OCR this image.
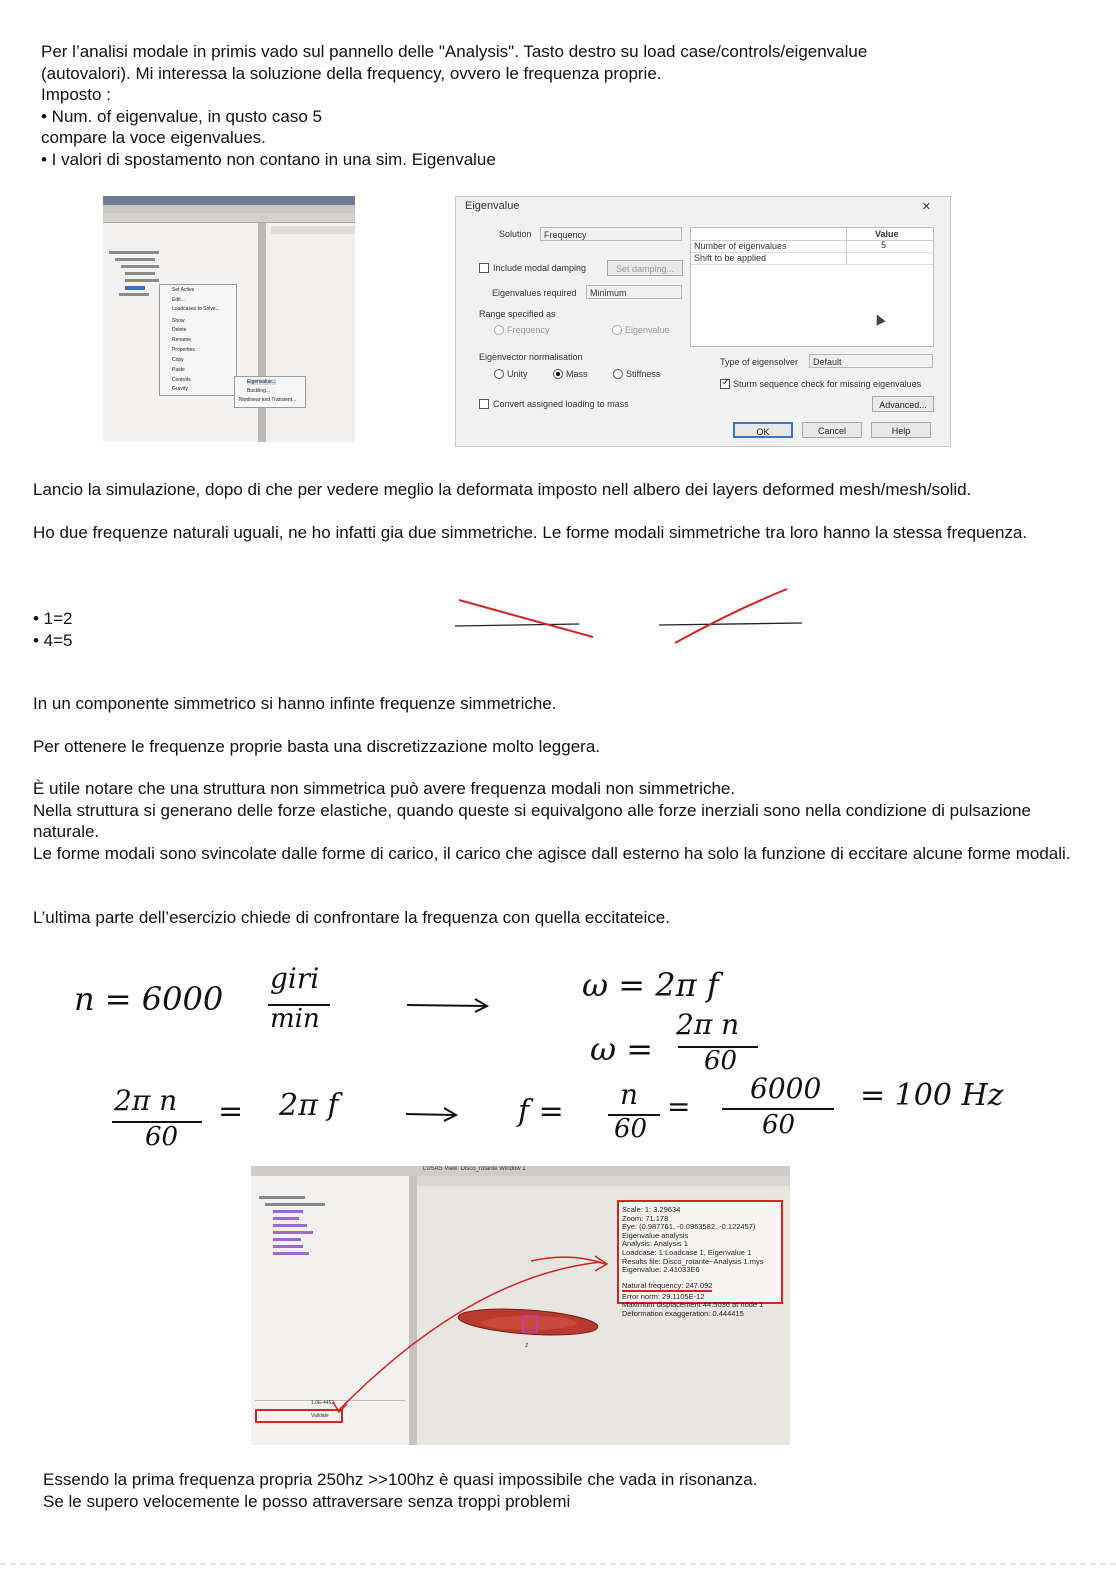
Per l’analisi modale in primis vado sul pannello delle "Analysis". Tasto destro su load case/controls/eigenvalue
(autovalori). Mi interessa la soluzione della frequency, ovvero le frequenza proprie.
Imposto :
• Num. of eigenvalue, in qusto caso 5
compare la voce eigenvalues.
• I valori di spostamento non contano in una sim. Eigenvalue
Set Active
Edit...
Loadcases to Solve...
Show
Delete
Rename
Properties
Copy
Paste
Controls
Gravity
Eigenvalue...
Buckling...
Nonlinear and Transient...
Eigenvalue	×
Solution	Frequency
Include modal damping	Set damping...
Eigenvalues required	Minimum
Range specified as
Frequency	Eigenvalue
Eigenvector normalisation
Unity	Mass	Stiffness
Convert assigned loading to mass
Value
Number of eigenvalues	5
Shift to be applied
Type of eigensolver	Default
✓ Sturm sequence check for missing eigenvalues
Advanced...
OK	Cancel	Help
Lancio la simulazione, dopo di che per vedere meglio la deformata imposto nell albero dei layers deformed mesh/mesh/solid.
Ho due frequenze naturali uguali, ne ho infatti gia due simmetriche. Le forme modali simmetriche tra loro hanno la stessa frequenza.
• 1=2
• 4=5
In un componente simmetrico si hanno infinte frequenze simmetriche.
Per ottenere le frequenze proprie basta una discretizzazione molto leggera.
È utile notare che una struttura non simmetrica può avere frequenza modali non simmetriche.
Nella struttura si generano delle forze elastiche, quando queste si equivalgono alle forze inerziali sono nella condizione di pulsazione naturale.
Le forme modali sono svincolate dalle forme di carico, il carico che agisce dall esterno ha solo la funzione di eccitare alcune forme modali.
L’ultima parte dell’esercizio chiede di confrontare la frequenza con quella eccitateice.
n = 6000
giri
min
ω = 2π f
ω =
2π n
60
2π n
60
= 2π f	f = n
60
=
6000
60
= 100 Hz
LUSAS View: Disco_rotante Window 1
1.0E-4452
Validate
Scale: 1: 3.29634
Zoom: 71.178
Eye: (0.987761, -0.0963582, -0.122457)
Eigenvalue analysis
Analysis: Analysis 1
Loadcase: 1:Loadcase 1, Eigenvalue 1
Results file: Disco_rotante~Analysis 1.mys
Eigenvalue: 2.41033E6
Natural frequency: 247.092
Error norm: 29.1105E-12
Maximum displacement 44.5036 at node 1
Deformation exaggeration: 0.444415
z
Essendo la prima frequenza propria 250hz >>100hz è quasi impossibile che vada in risonanza.
Se le supero velocemente le posso attraversare senza troppi problemi
